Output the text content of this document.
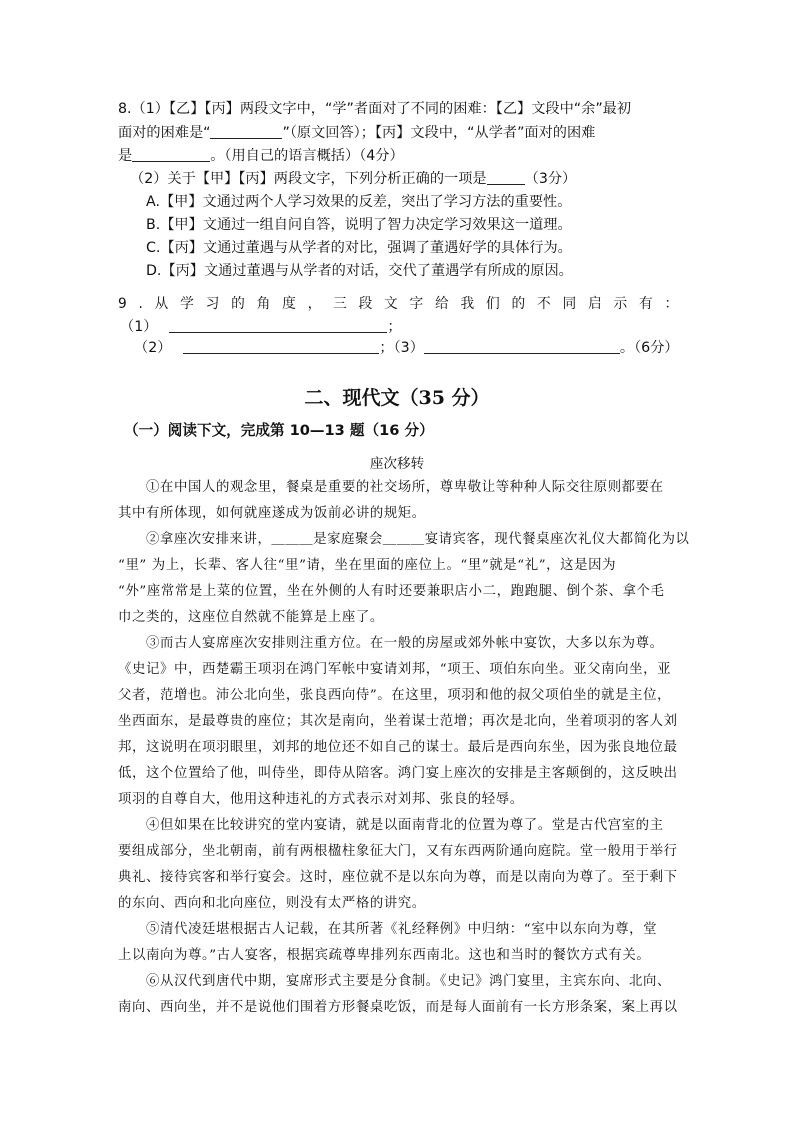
8.（1）【乙】【丙】两段文字中，“学”者面对了不同的困难：【乙】文段中“余”最初
面对的困难是“	”（原文回答）；【丙】文段中，“从学者”面对的困难
是	。（用自己的语言概括）（4分）
（2）关于【甲】【丙】两段文字，下列分析正确的一项是	（3分）
A.【甲】文通过两个人学习效果的反差，突出了学习方法的重要性。
B.【甲】文通过一组自问自答，说明了智力决定学习效果这一道理。
C.【丙】文通过董遇与从学者的对比，强调了董遇好学的具体行为。
D.【丙】文通过董遇与从学者的对话，交代了董遇学有所成的原因。
9.从学习的角度，三段文字给我们的不同启示有：
（1）	；
（2）	；（3）	。（6分）
二、现代文（35 分）
（一）阅读下文，完成第 10—13 题（16 分）
座次移转
①在中国人的观念里，餐桌是重要的社交场所，尊卑敬让等种种人际交往原则都要在
其中有所体现，如何就座遂成为饭前必讲的规矩。
②拿座次安排来讲，＿＿＿是家庭聚会＿＿＿宴请宾客，现代餐桌座次礼仪大都简化为以
“里” 为上，长辈、客人往“里”请，坐在里面的座位上。“里”就是“礼”，这是因为
“外”座常常是上菜的位置，坐在外侧的人有时还要兼职店小二，跑跑腿、倒个茶、拿个毛
巾之类的，这座位自然就不能算是上座了。
③而古人宴席座次安排则注重方位。在一般的房屋或郊外帐中宴饮，大多以东为尊。
《史记》中，西楚霸王项羽在鸿门军帐中宴请刘邦，“项王、项伯东向坐。亚父南向坐，亚
父者，范增也。沛公北向坐，张良西向侍”。在这里，项羽和他的叔父项伯坐的就是主位，
坐西面东，是最尊贵的座位；其次是南向，坐着谋士范增；再次是北向，坐着项羽的客人刘
邦，这说明在项羽眼里，刘邦的地位还不如自己的谋士。最后是西向东坐，因为张良地位最
低，这个位置给了他，叫侍坐，即侍从陪客。鸿门宴上座次的安排是主客颠倒的，这反映出
项羽的自尊自大，他用这种违礼的方式表示对刘邦、张良的轻辱。
④但如果在比较讲究的堂内宴请，就是以面南背北的位置为尊了。堂是古代宫室的主
要组成部分，坐北朝南，前有两根楹柱象征大门，又有东西两阶通向庭院。堂一般用于举行
典礼、接待宾客和举行宴会。这时，座位就不是以东向为尊，而是以南向为尊了。至于剩下
的东向、西向和北向座位，则没有太严格的讲究。
⑤清代凌廷堪根据古人记载，在其所著《礼经释例》中归纳：“室中以东向为尊，堂
上以南向为尊。”古人宴客，根据宾疏尊卑排列东西南北。这也和当时的餐饮方式有关。
⑥从汉代到唐代中期，宴席形式主要是分食制。《史记》鸿门宴里，主宾东向、北向、
南向、西向坐，并不是说他们围着方形餐桌吃饭，而是每人面前有一长方形条案，案上再以
